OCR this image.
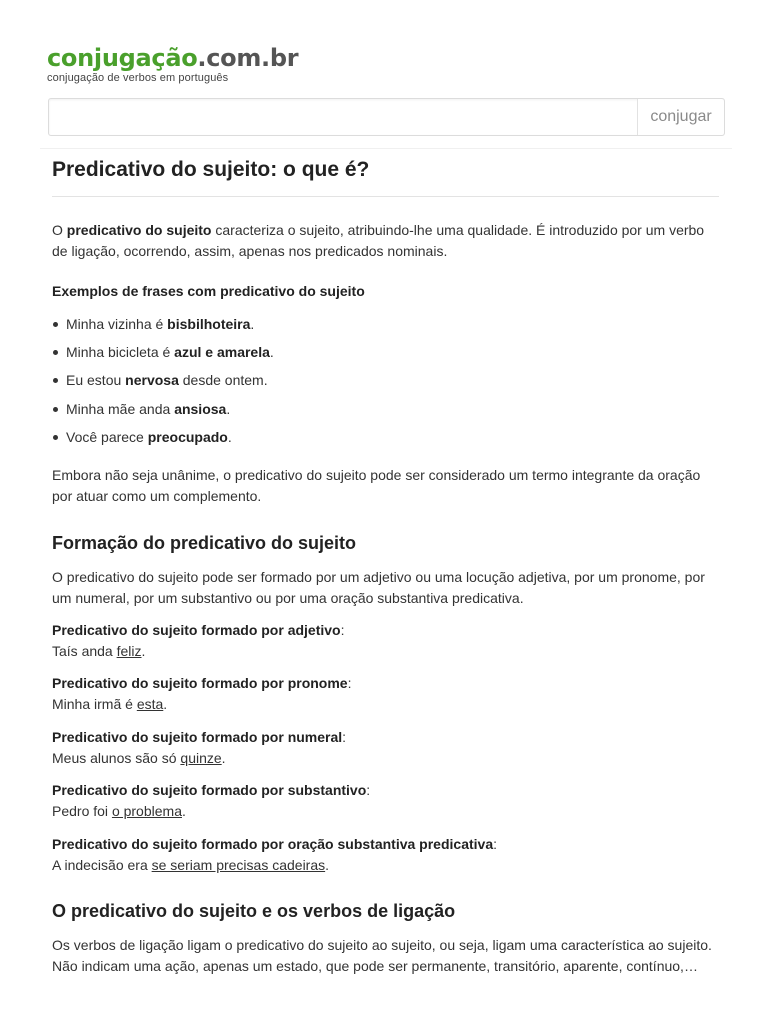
conjugação.com.br
conjugação de verbos em português
conjugar
Predicativo do sujeito: o que é?

O predicativo do sujeito caracteriza o sujeito, atribuindo-lhe uma qualidade. É introduzido por um verbo de ligação, ocorrendo, assim, apenas nos predicados nominais.

Exemplos de frases com predicativo do sujeito
Minha vizinha é bisbilhoteira.
Minha bicicleta é azul e amarela.
Eu estou nervosa desde ontem.
Minha mãe anda ansiosa.
Você parece preocupado.

Embora não seja unânime, o predicativo do sujeito pode ser considerado um termo integrante da oração por atuar como um complemento.

Formação do predicativo do sujeito

O predicativo do sujeito pode ser formado por um adjetivo ou uma locução adjetiva, por um pronome, por um numeral, por um substantivo ou por uma oração substantiva predicativa.

Predicativo do sujeito formado por adjetivo:
Taís anda feliz.
Predicativo do sujeito formado por pronome:
Minha irmã é esta.
Predicativo do sujeito formado por numeral:
Meus alunos são só quinze.
Predicativo do sujeito formado por substantivo:
Pedro foi o problema.
Predicativo do sujeito formado por oração substantiva predicativa:
A indecisão era se seriam precisas cadeiras.
O predicativo do sujeito e os verbos de ligação

Os verbos de ligação ligam o predicativo do sujeito ao sujeito, ou seja, ligam uma característica ao sujeito. Não indicam uma ação, apenas um estado, que pode ser permanente, transitório, aparente, contínuo,…
